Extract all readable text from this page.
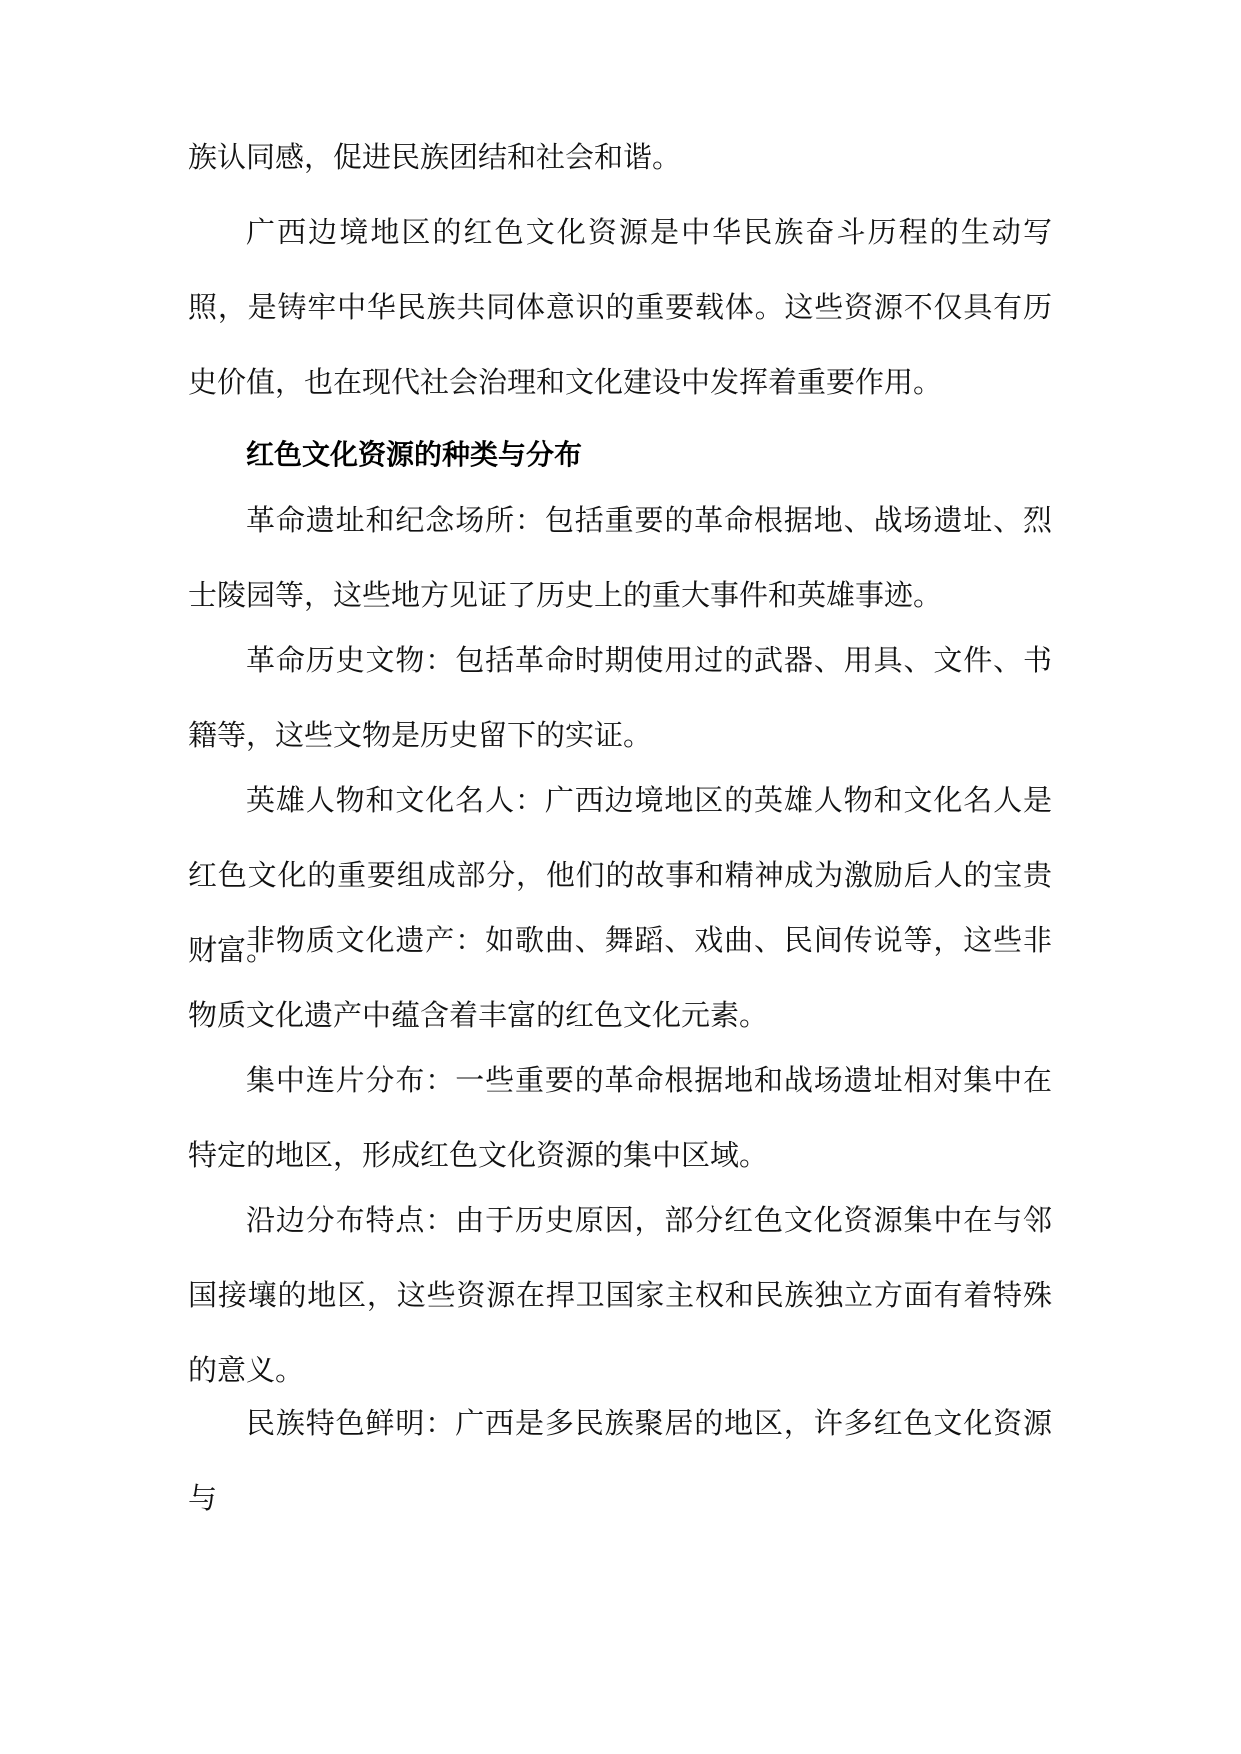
族认同感，促进民族团结和社会和谐。

广西边境地区的红色文化资源是中华民族奋斗历程的生动写照，是铸牢中华民族共同体意识的重要载体。这些资源不仅具有历史价值，也在现代社会治理和文化建设中发挥着重要作用。

红色文化资源的种类与分布

革命遗址和纪念场所：包括重要的革命根据地、战场遗址、烈士陵园等，这些地方见证了历史上的重大事件和英雄事迹。

革命历史文物：包括革命时期使用过的武器、用具、文件、书籍等，这些文物是历史留下的实证。

英雄人物和文化名人：广西边境地区的英雄人物和文化名人是红色文化的重要组成部分，他们的故事和精神成为激励后人的宝贵财富。

非物质文化遗产：如歌曲、舞蹈、戏曲、民间传说等，这些非物质文化遗产中蕴含着丰富的红色文化元素。

集中连片分布：一些重要的革命根据地和战场遗址相对集中在特定的地区，形成红色文化资源的集中区域。

沿边分布特点：由于历史原因，部分红色文化资源集中在与邻国接壤的地区，这些资源在捍卫国家主权和民族独立方面有着特殊的意义。

民族特色鲜明：广西是多民族聚居的地区，许多红色文化资源与
